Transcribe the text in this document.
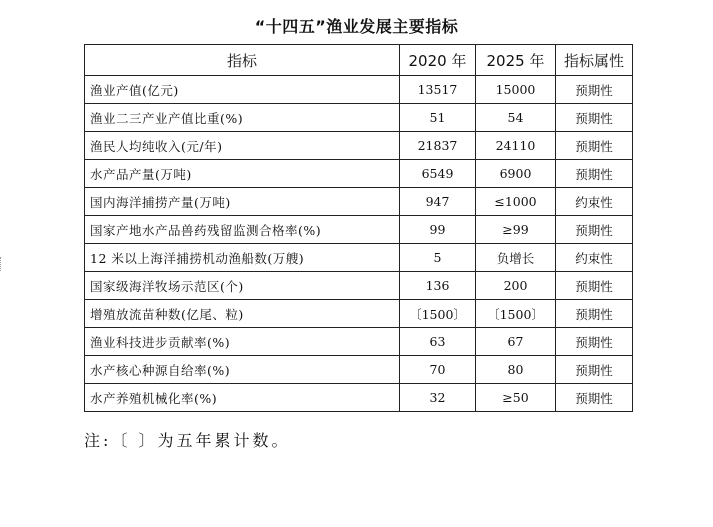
“十四五”渔业发展主要指标
指标	2020 年	2025 年	指标属性
渔业产值(亿元)	13517	15000	预期性
渔业二三产业产值比重(%)	51	54	预期性
渔民人均纯收入(元/年)	21837	24110	预期性
水产品产量(万吨)	6549	6900	预期性
国内海洋捕捞产量(万吨)	947	≤1000	约束性
国家产地水产品兽药残留监测合格率(%)	99	≥99	预期性
12 米以上海洋捕捞机动渔船数(万艘)	5	负增长	约束性
国家级海洋牧场示范区(个)	136	200	预期性
增殖放流苗种数(亿尾、粒)	〔1500〕	〔1500〕	预期性
渔业科技进步贡献率(%)	63	67	预期性
水产核心种源自给率(%)	70	80	预期性
水产养殖机械化率(%)	32	≥50	预期性
注:〔 〕为五年累计数。
